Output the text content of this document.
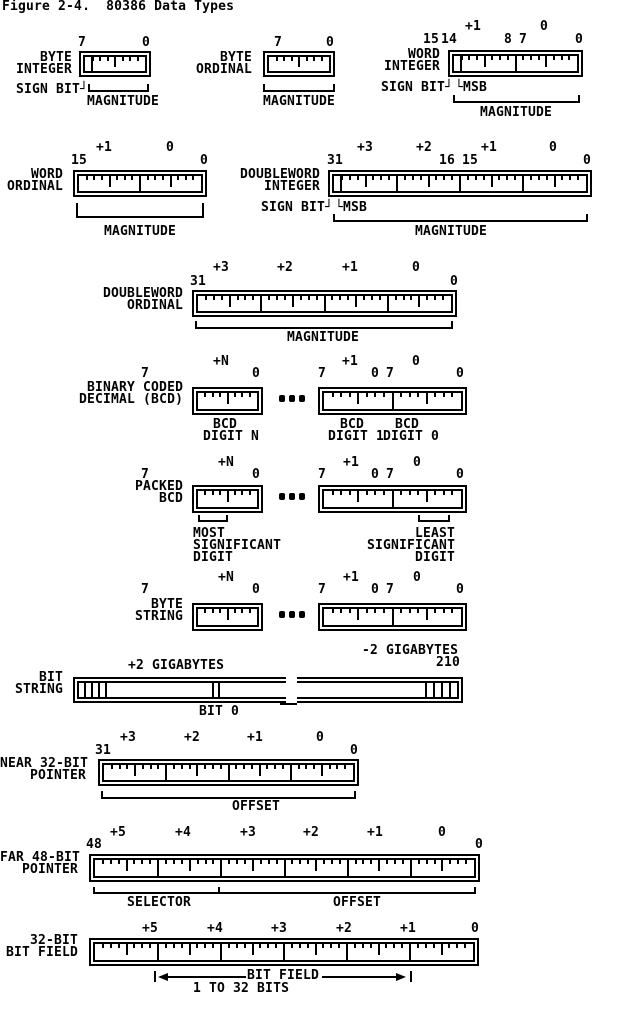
Figure 2-4.  80386 Data Types
7	0
BYTE
INTEGER
SIGN BIT┘
MAGNITUDE
7	0
BYTE
ORDINAL
MAGNITUDE
+1	0
15 14	8 7	0
WORD
INTEGER
SIGN BIT┘ └MSB
MAGNITUDE
+1	0
15	0
WORD
ORDINAL
MAGNITUDE
+3	+2	+1	0
31	16 15	0
DOUBLEWORD
INTEGER
SIGN BIT┘ └MSB
MAGNITUDE
+3	+2	+1	0
31	0
DOUBLEWORD
ORDINAL
MAGNITUDE
+N	+1	0
7	0	7	0 7	0
BINARY CODED
DECIMAL (BCD)
BCD
DIGIT N
BCD
DIGIT 1
BCD
DIGIT 0
+N	+1	0
7	0	7	0 7	0
PACKED
BCD
MOST
SIGNIFICANT
DIGIT
LEAST
SIGNIFICANT
DIGIT
+N	+1	0
7	0	7	0 7	0
BYTE
STRING
-2 GIGABYTES
210
+2 GIGABYTES
BIT
STRING
BIT 0
+3	+2	+1	0
31	0
NEAR 32-BIT
POINTER
OFFSET
+5	+4	+3	+2	+1	0
48	0
FAR 48-BIT
POINTER
SELECTOR	OFFSET
+5	+4	+3	+2	+1	0
32-BIT
BIT FIELD
BIT FIELD
1 TO 32 BITS
